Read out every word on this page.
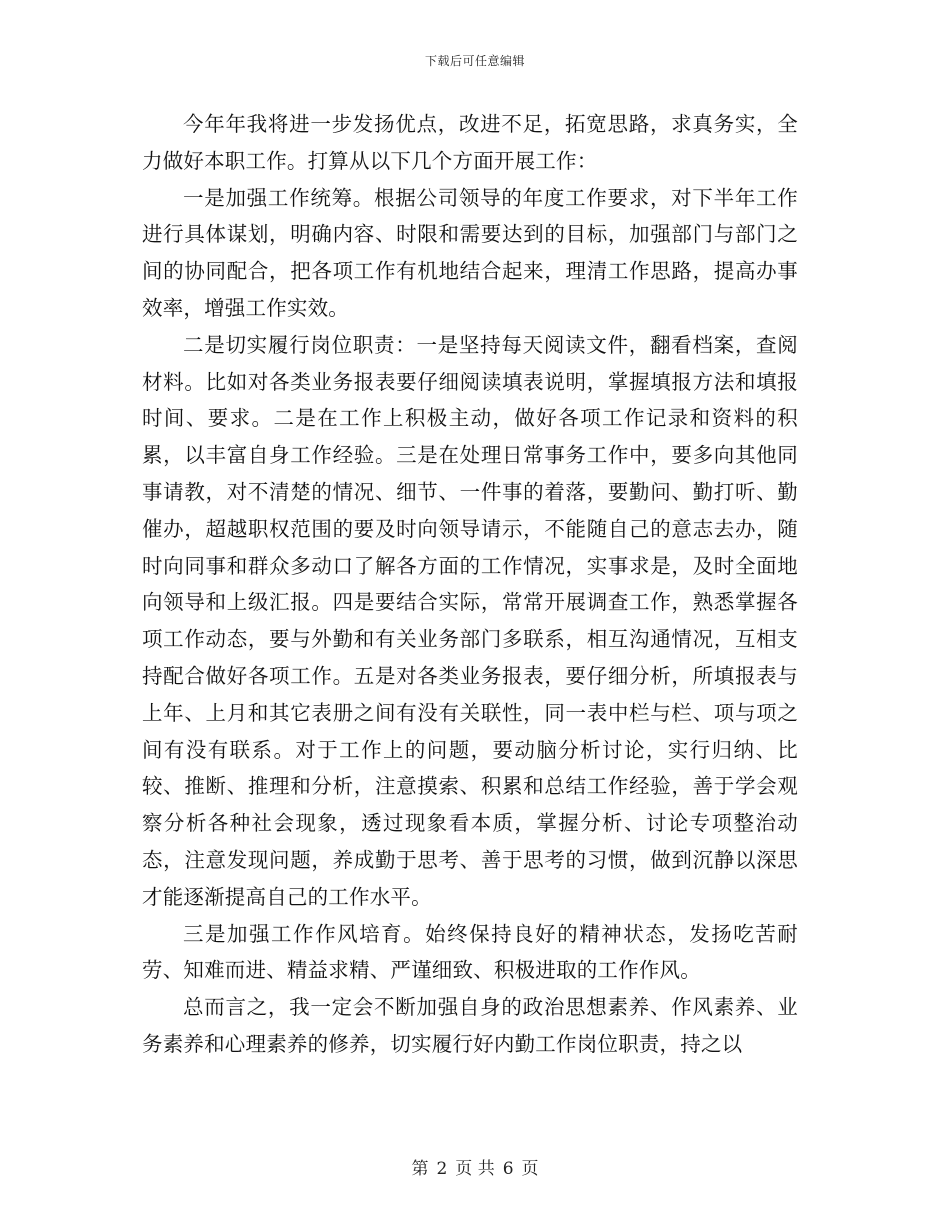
下载后可任意编辑

今年年我将进一步发扬优点，改进不足，拓宽思路，求真务实，全力做好本职工作。打算从以下几个方面开展工作：

一是加强工作统筹。根据公司领导的年度工作要求，对下半年工作进行具体谋划，明确内容、时限和需要达到的目标，加强部门与部门之间的协同配合，把各项工作有机地结合起来，理清工作思路，提高办事效率，增强工作实效。

二是切实履行岗位职责：一是坚持每天阅读文件，翻看档案，查阅材料。比如对各类业务报表要仔细阅读填表说明，掌握填报方法和填报时间、要求。二是在工作上积极主动，做好各项工作记录和资料的积累，以丰富自身工作经验。三是在处理日常事务工作中，要多向其他同事请教，对不清楚的情况、细节、一件事的着落，要勤问、勤打听、勤催办，超越职权范围的要及时向领导请示，不能随自己的意志去办，随时向同事和群众多动口了解各方面的工作情况，实事求是，及时全面地向领导和上级汇报。四是要结合实际，常常开展调查工作，熟悉掌握各项工作动态，要与外勤和有关业务部门多联系，相互沟通情况，互相支持配合做好各项工作。五是对各类业务报表，要仔细分析，所填报表与上年、上月和其它表册之间有没有关联性，同一表中栏与栏、项与项之间有没有联系。对于工作上的问题，要动脑分析讨论，实行归纳、比较、推断、推理和分析，注意摸索、积累和总结工作经验，善于学会观察分析各种社会现象，透过现象看本质，掌握分析、讨论专项整治动态，注意发现问题，养成勤于思考、善于思考的习惯，做到沉静以深思才能逐渐提高自己的工作水平。

三是加强工作作风培育。始终保持良好的精神状态，发扬吃苦耐劳、知难而进、精益求精、严谨细致、积极进取的工作作风。

总而言之，我一定会不断加强自身的政治思想素养、作风素养、业务素养和心理素养的修养，切实履行好内勤工作岗位职责，持之以

第 2 页 共 6 页
